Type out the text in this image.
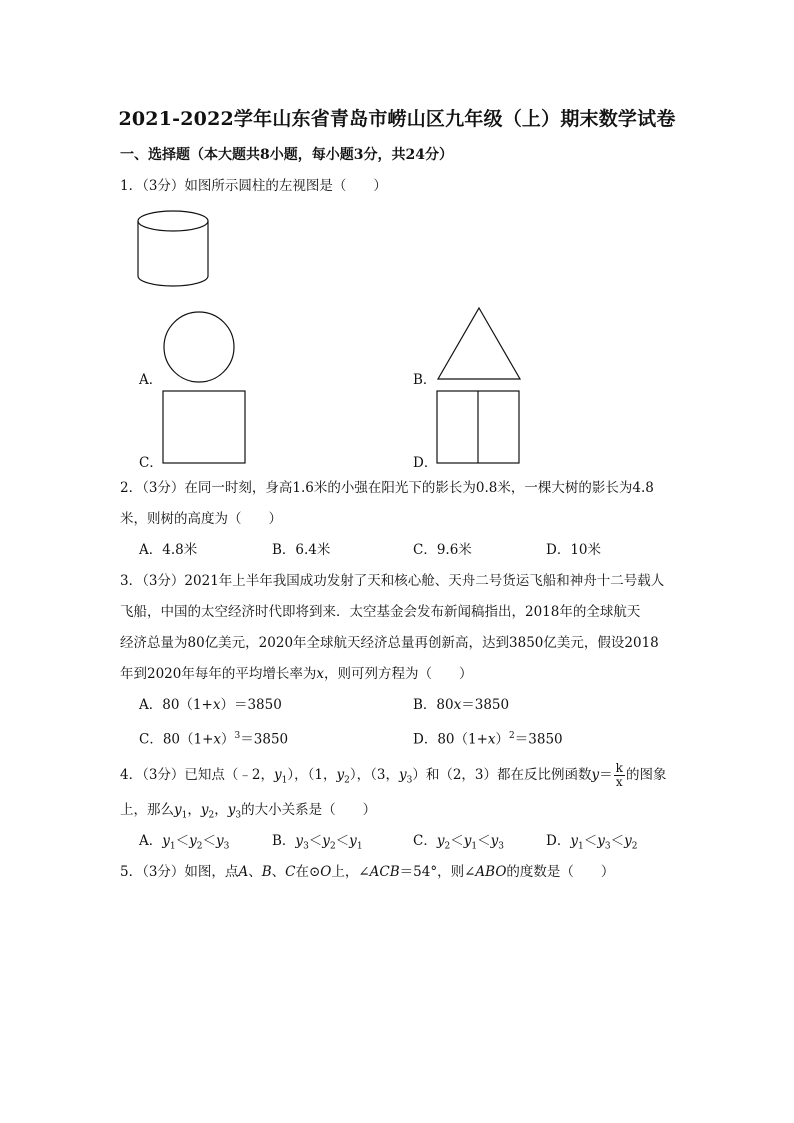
2021-2022学年山东省青岛市崂山区九年级（上）期末数学试卷
一、选择题（本大题共8小题，每小题3分，共24分）
1．（3分）如图所示圆柱的左视图是（　　）
A．	B．
C．	D．
2．（3分）在同一时刻，身高1.6米的小强在阳光下的影长为0.8米，一棵大树的影长为4.8
米，则树的高度为（　　）
A．4.8米	B．6.4米	C．9.6米	D．10米
3．（3分）2021年上半年我国成功发射了天和核心舱、天舟二号货运飞船和神舟十二号载人
飞船，中国的太空经济时代即将到来．太空基金会发布新闻稿指出，2018年的全球航天
经济总量为80亿美元，2020年全球航天经济总量再创新高，达到3850亿美元，假设2018
年到2020年每年的平均增长率为x，则可列方程为（　　）
A．80（1+x）＝3850	B．80x＝3850
C．$80(1+x)^3=3850$	D．$80(1+x)^2=3850$
4．（3分）已知点（﹣2，$y_1$），（1，$y_2$），（3，$y_3$）和（2，3）都在反比例函数$y= \frac{k}{x}$ 的图象
上，那么$y_1$，$y_2$，$y_3$的大小关系是（　　）
A．$y_1<y_2<y_3$	B．$y_3<y_2<y_1$	C．$y_2<y_1<y_3$	D．$y_1<y_3<y_2$
5．（3分）如图，点A、B、C在⊙O上，∠ACB＝54°，则∠ABO的度数是（　　）
